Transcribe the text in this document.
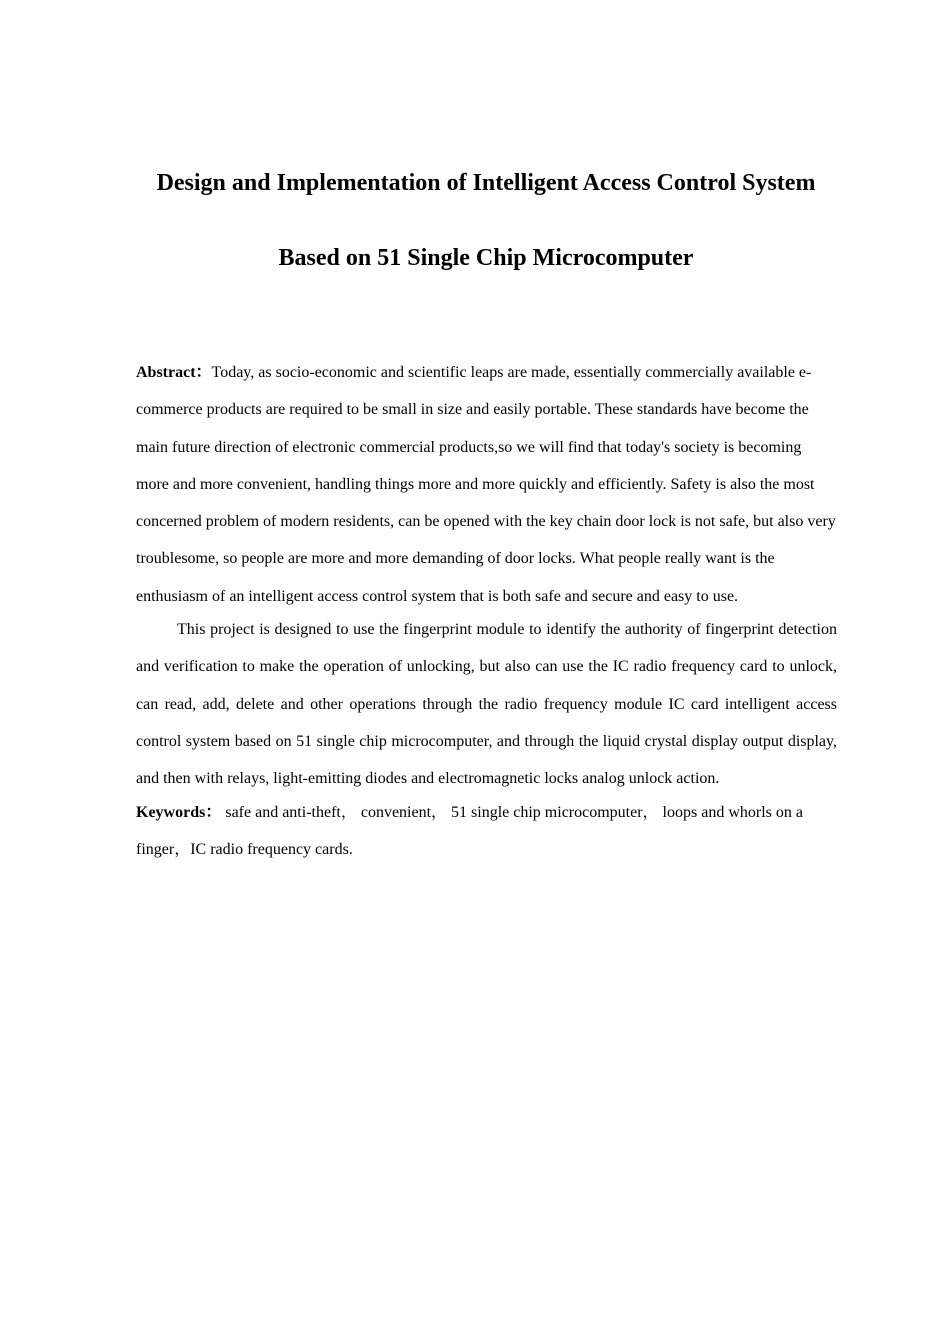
Design and Implementation of Intelligent Access Control System
Based on 51 Single Chip Microcomputer

Abstract：Today, as socio-economic and scientific leaps are made, essentially commercially available e-commerce products are required to be small in size and easily portable. These standards have become the main future direction of electronic commercial products,so we will find that today's society is becoming more and more convenient, handling things more and more quickly and efficiently. Safety is also the most concerned problem of modern residents, can be opened with the key chain door lock is not safe, but also very troublesome, so people are more and more demanding of door locks. What people really want is the enthusiasm of an intelligent access control system that is both safe and secure and easy to use.

This project is designed to use the fingerprint module to identify the authority of fingerprint detection and verification to make the operation of unlocking, but also can use the IC radio frequency card to unlock, can read, add, delete and other operations through the radio frequency module IC card intelligent access control system based on 51 single chip microcomputer, and through the liquid crystal display output display, and then with relays, light-emitting diodes and electromagnetic locks analog unlock action.

Keywords： safe and anti-theft， convenient， 51 single chip microcomputer， loops and whorls on a finger，IC radio frequency cards.
